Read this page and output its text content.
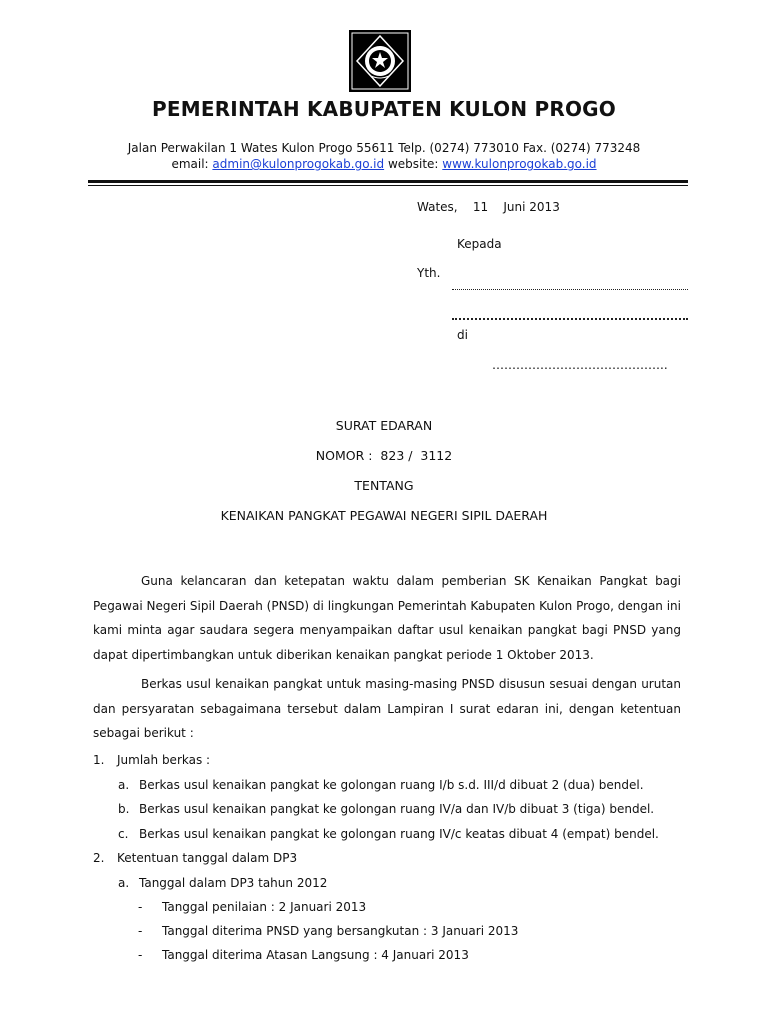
PEMERINTAH KABUPATEN KULON PROGO
Jalan Perwakilan 1 Wates Kulon Progo 55611 Telp. (0274) 773010 Fax. (0274) 773248
email: admin@kulonprogokab.go.id website: www.kulonprogokab.go.id
Wates,    11    Juni 2013
Kepada
Yth.
di
……………………………………..
SURAT EDARAN
NOMOR :  823 /  3112
TENTANG
KENAIKAN PANGKAT PEGAWAI NEGERI SIPIL DAERAH
Guna kelancaran dan ketepatan waktu dalam pemberian SK Kenaikan Pangkat bagi Pegawai Negeri Sipil Daerah (PNSD) di lingkungan Pemerintah Kabupaten Kulon Progo, dengan ini kami minta agar saudara segera menyampaikan daftar usul kenaikan pangkat bagi PNSD yang dapat dipertimbangkan untuk diberikan kenaikan pangkat periode 1 Oktober 2013.
Berkas usul kenaikan pangkat untuk masing-masing PNSD disusun sesuai dengan urutan dan persyaratan sebagaimana tersebut dalam Lampiran I surat edaran ini, dengan ketentuan sebagai berikut :
1. Jumlah berkas :
a. Berkas usul kenaikan pangkat ke golongan ruang I/b s.d. III/d dibuat 2 (dua) bendel.
b. Berkas usul kenaikan pangkat ke golongan ruang IV/a dan IV/b dibuat 3 (tiga) bendel.
c. Berkas usul kenaikan pangkat ke golongan ruang IV/c keatas dibuat 4 (empat) bendel.
2. Ketentuan tanggal dalam DP3
a. Tanggal dalam DP3 tahun 2012
- Tanggal penilaian : 2 Januari 2013
- Tanggal diterima PNSD yang bersangkutan : 3 Januari 2013
- Tanggal diterima Atasan Langsung : 4 Januari 2013
